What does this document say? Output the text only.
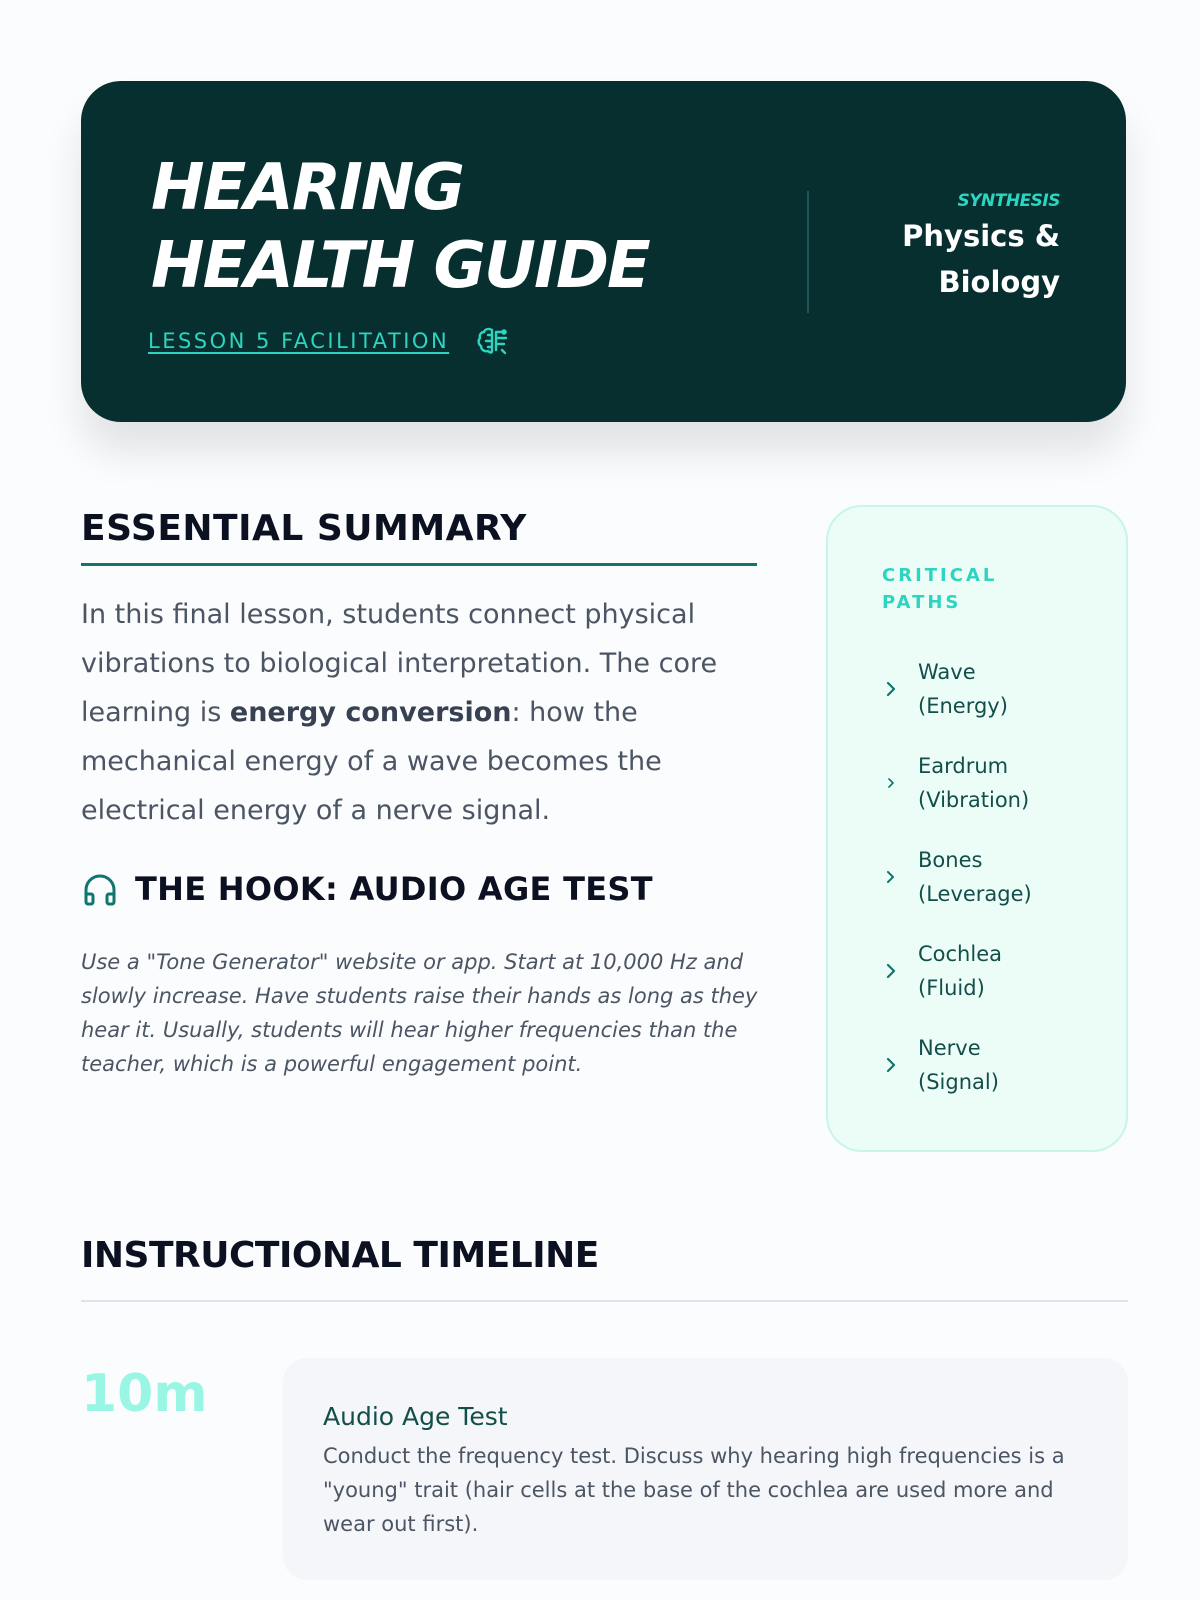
HEARING
HEALTH GUIDE
LESSON 5 FACILITATION
SYNTHESIS
Physics & Biology
ESSENTIAL SUMMARY

In this final lesson, students connect physical vibrations to biological interpretation. The core learning is energy conversion: how the mechanical energy of a wave becomes the electrical energy of a nerve signal.

THE HOOK: AUDIO AGE TEST

Use a "Tone Generator" website or app. Start at 10,000 Hz and slowly increase. Have students raise their hands as long as they hear it. Usually, students will hear higher frequencies than the teacher, which is a powerful engagement point.

CRITICAL PATHS
Wave (Energy)
Eardrum (Vibration)
Bones (Leverage)
Cochlea (Fluid)
Nerve (Signal)
INSTRUCTIONAL TIMELINE
10m	Audio Age Test

Conduct the frequency test. Discuss why hearing high frequencies is a "young" trait (hair cells at the base of the cochlea are used more and wear out first).
